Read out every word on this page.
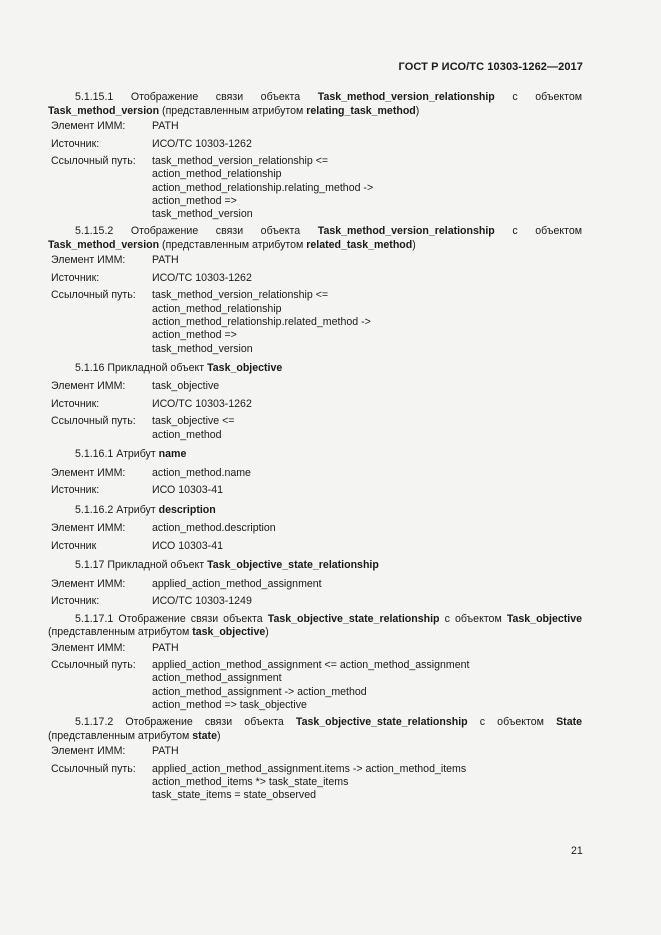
ГОСТ Р ИСО/ТС 10303-1262—2017

5.1.15.1 Отображение связи объекта Task_method_version_relationship с объектом Task_method_version (представленным атрибутом relating_task_method)

Элемент ИММ:	PATH
Источник:	ИСО/ТС 10303-1262
Ссылочный путь:	task_method_version_relationship <=
action_method_relationship
action_method_relationship.relating_method ->
action_method =>
task_method_version

5.1.15.2 Отображение связи объекта Task_method_version_relationship с объектом Task_method_version (представленным атрибутом related_task_method)

Элемент ИММ:	PATH
Источник:	ИСО/ТС 10303-1262
Ссылочный путь:	task_method_version_relationship <=
action_method_relationship
action_method_relationship.related_method ->
action_method =>
task_method_version
5.1.16 Прикладной объект Task_objective
Элемент ИММ:	task_objective
Источник:	ИСО/ТС 10303-1262
Ссылочный путь:	task_objective <=
action_method
5.1.16.1 Атрибут name
Элемент ИММ:	action_method.name
Источник:	ИСО 10303-41
5.1.16.2 Атрибут description
Элемент ИММ:	action_method.description
Источник	ИСО 10303-41
5.1.17 Прикладной объект Task_objective_state_relationship
Элемент ИММ:	applied_action_method_assignment
Источник:	ИСО/ТС 10303-1249

5.1.17.1 Отображение связи объекта Task_objective_state_relationship с объектом Task_objective (представленным атрибутом task_objective)

Элемент ИММ:	PATH
Ссылочный путь:	applied_action_method_assignment <= action_method_assignment
action_method_assignment
action_method_assignment -> action_method
action_method => task_objective

5.1.17.2 Отображение связи объекта Task_objective_state_relationship с объектом State (представленным атрибутом state)

Элемент ИММ:	PATH
Ссылочный путь:	applied_action_method_assignment.items -> action_method_items
action_method_items *> task_state_items
task_state_items = state_observed
21
